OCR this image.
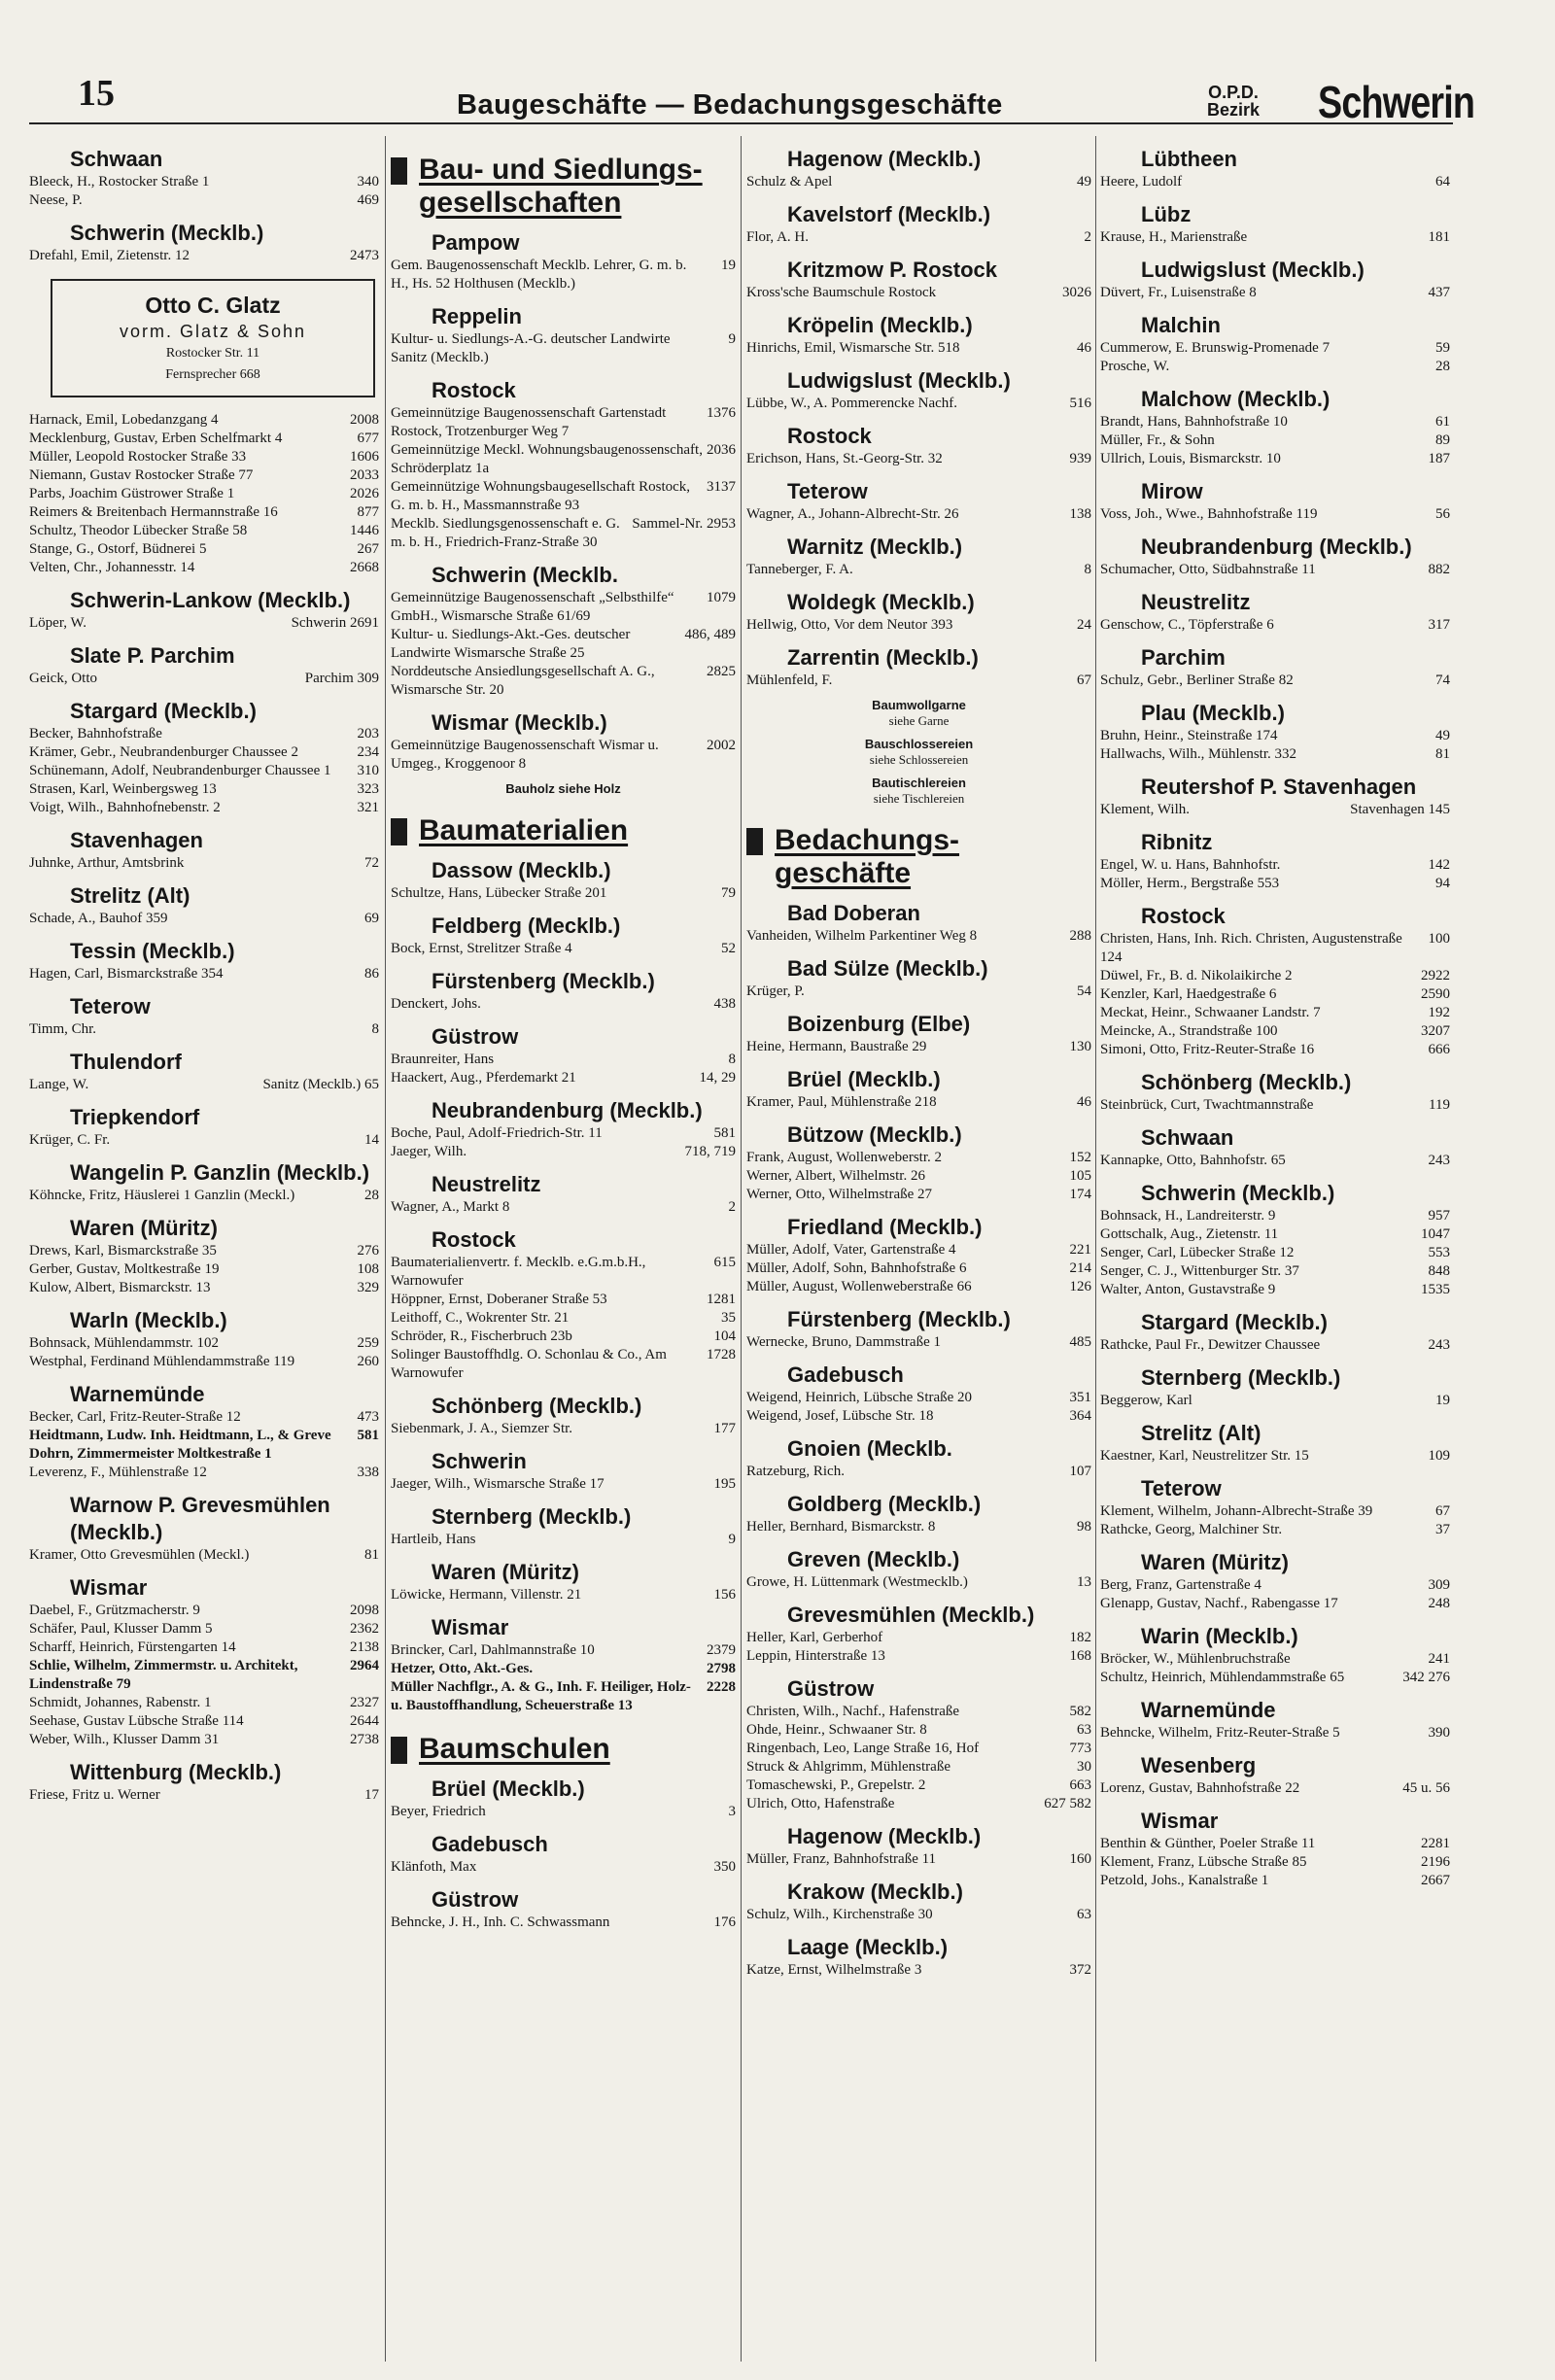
15	Baugeschäfte — Bedachungsgeschäfte	O.P.D.
Bezirk Schwerin
Schwaan
Bleeck, H., Rostocker Straße 1	340
Neese, P.	469
Schwerin (Mecklb.)
Drefahl, Emil, Zietenstr. 12	2473
Otto C. Glatz
vorm. Glatz & Sohn
Rostocker Str. 11
Fernsprecher 668
Harnack, Emil, Lobedanzgang 4	2008
Mecklenburg, Gustav, Erben Schelfmarkt 4	677
Müller, Leopold Rostocker Straße 33	1606
Niemann, Gustav Rostocker Straße 77	2033
Parbs, Joachim Güstrower Straße 1	2026
Reimers & Breitenbach Hermannstraße 16	877
Schultz, Theodor Lübecker Straße 58	1446
Stange, G., Ostorf, Büdnerei 5	267
Velten, Chr., Johannesstr. 14	2668
Schwerin-Lankow (Mecklb.)
Löper, W.	Schwerin 2691
Slate P. Parchim
Geick, Otto	Parchim 309
Stargard (Mecklb.)
Becker, Bahnhofstraße	203
Krämer, Gebr., Neubrandenburger Chaussee 2	234
Schünemann, Adolf, Neubrandenburger Chaussee 1	310
Strasen, Karl, Weinbergsweg 13	323
Voigt, Wilh., Bahnhofnebenstr. 2	321
Stavenhagen
Juhnke, Arthur, Amtsbrink	72
Strelitz (Alt)
Schade, A., Bauhof 359	69
Tessin (Mecklb.)
Hagen, Carl, Bismarckstraße 354	86
Teterow
Timm, Chr.	8
Thulendorf
Lange, W.	Sanitz (Mecklb.) 65
Triepkendorf
Krüger, C. Fr.	14
Wangelin P. Ganzlin (Mecklb.)
Köhncke, Fritz, Häuslerei 1 Ganzlin (Meckl.)	28
Waren (Müritz)
Drews, Karl, Bismarckstraße 35	276
Gerber, Gustav, Moltkestraße 19	108
Kulow, Albert, Bismarckstr. 13	329
Warln (Mecklb.)
Bohnsack, Mühlendammstr. 102	259
Westphal, Ferdinand Mühlendammstraße 119	260
Warnemünde
Becker, Carl, Fritz-Reuter-Straße 12	473
Heidtmann, Ludw. Inh. Heidtmann, L., & Greve Dohrn, Zimmermeister Moltkestraße 1
581
Leverenz, F., Mühlenstraße 12	338
Warnow P. Grevesmühlen (Mecklb.)
Kramer, Otto Grevesmühlen (Meckl.)	81
Wismar
Daebel, F., Grützmacherstr. 9	2098
Schäfer, Paul, Klusser Damm 5	2362
Scharff, Heinrich, Fürstengarten 14	2138
Schlie, Wilhelm, Zimmermstr. u. Architekt, Lindenstraße 79
2964
Schmidt, Johannes, Rabenstr. 1	2327
Seehase, Gustav Lübsche Straße 114	2644
Weber, Wilh., Klusser Damm 31	2738
Wittenburg (Mecklb.)
Friese, Fritz u. Werner	17
Bau- und Siedlungs-gesellschaften
Pampow
Gem. Baugenossenschaft Mecklb. Lehrer, G. m. b. H., Hs. 52 Holthusen (Mecklb.)
19
Reppelin
Kultur- u. Siedlungs-A.-G. deutscher Landwirte Sanitz (Mecklb.)
9
Rostock
Gemeinnützige Baugenossenschaft Gartenstadt Rostock, Trotzenburger Weg 7
1376
Gemeinnützige Meckl. Wohnungsbaugenossenschaft, Schröderplatz 1a
2036
Gemeinnützige Wohnungsbaugesellschaft Rostock, G. m. b. H., Massmannstraße 93
3137
Mecklb. Siedlungsgenossenschaft e. G. m. b. H., Friedrich-Franz-Straße 30
Sammel-Nr. 2953
Schwerin (Mecklb.
Gemeinnützige Baugenossenschaft „Selbsthilfe“ GmbH., Wismarsche Straße 61/69
1079
Kultur- u. Siedlungs-Akt.-Ges. deutscher Landwirte Wismarsche Straße 25
486, 489
Norddeutsche Ansiedlungsgesellschaft A. G., Wismarsche Str. 20
2825
Wismar (Mecklb.)
Gemeinnützige Baugenossenschaft Wismar u. Umgeg., Kroggenoor 8
2002
Bauholz siehe Holz
Baumaterialien
Dassow (Mecklb.)
Schultze, Hans, Lübecker Straße 201	79
Feldberg (Mecklb.)
Bock, Ernst, Strelitzer Straße 4	52
Fürstenberg (Mecklb.)
Denckert, Johs.	438
Güstrow
Braunreiter, Hans	8
Haackert, Aug., Pferdemarkt 21	14, 29
Neubrandenburg (Mecklb.)
Boche, Paul, Adolf-Friedrich-Str. 11	581
Jaeger, Wilh.	718, 719
Neustrelitz
Wagner, A., Markt 8	2
Rostock
Baumaterialienvertr. f. Mecklb. e.G.m.b.H., Warnowufer
615
Höppner, Ernst, Doberaner Straße 53	1281
Leithoff, C., Wokrenter Str. 21	35
Schröder, R., Fischerbruch 23b	104
Solinger Baustoffhdlg. O. Schonlau & Co., Am Warnowufer
1728
Schönberg (Mecklb.)
Siebenmark, J. A., Siemzer Str.	177
Schwerin
Jaeger, Wilh., Wismarsche Straße 17	195
Sternberg (Mecklb.)
Hartleib, Hans	9
Waren (Müritz)
Löwicke, Hermann, Villenstr. 21	156
Wismar
Brincker, Carl, Dahlmannstraße 10	2379
Hetzer, Otto, Akt.-Ges.	2798
Müller Nachflgr., A. & G., Inh. F. Heiliger, Holz- u. Baustoffhandlung, Scheuerstraße 13
2228
Baumschulen
Brüel (Mecklb.)
Beyer, Friedrich	3
Gadebusch
Klänfoth, Max	350
Güstrow
Behncke, J. H., Inh. C. Schwassmann	176
Hagenow (Mecklb.)
Schulz & Apel	49
Kavelstorf (Mecklb.)
Flor, A. H.	2
Kritzmow P. Rostock
Kross'sche Baumschule Rostock	3026
Kröpelin (Mecklb.)
Hinrichs, Emil, Wismarsche Str. 518	46
Ludwigslust (Mecklb.)
Lübbe, W., A. Pommerencke Nachf.	516
Rostock
Erichson, Hans, St.-Georg-Str. 32	939
Teterow
Wagner, A., Johann-Albrecht-Str. 26	138
Warnitz (Mecklb.)
Tanneberger, F. A.	8
Woldegk (Mecklb.)
Hellwig, Otto, Vor dem Neutor 393	24
Zarrentin (Mecklb.)
Mühlenfeld, F.	67
Baumwollgarne
siehe Garne
Bauschlossereien
siehe Schlossereien
Bautischlereien
siehe Tischlereien
Bedachungs-geschäfte
Bad Doberan
Vanheiden, Wilhelm Parkentiner Weg 8	288
Bad Sülze (Mecklb.)
Krüger, P.	54
Boizenburg (Elbe)
Heine, Hermann, Baustraße 29	130
Brüel (Mecklb.)
Kramer, Paul, Mühlenstraße 218	46
Bützow (Mecklb.)
Frank, August, Wollenweberstr. 2	152
Werner, Albert, Wilhelmstr. 26	105
Werner, Otto, Wilhelmstraße 27	174
Friedland (Mecklb.)
Müller, Adolf, Vater, Gartenstraße 4	221
Müller, Adolf, Sohn, Bahnhofstraße 6	214
Müller, August, Wollenweberstraße 66	126
Fürstenberg (Mecklb.)
Wernecke, Bruno, Dammstraße 1	485
Gadebusch
Weigend, Heinrich, Lübsche Straße 20	351
Weigend, Josef, Lübsche Str. 18	364
Gnoien (Mecklb.
Ratzeburg, Rich.	107
Goldberg (Mecklb.)
Heller, Bernhard, Bismarckstr. 8	98
Greven (Mecklb.)
Growe, H. Lüttenmark (Westmecklb.)	13
Grevesmühlen (Mecklb.)
Heller, Karl, Gerberhof	182
Leppin, Hinterstraße 13	168
Güstrow
Christen, Wilh., Nachf., Hafenstraße	582
Ohde, Heinr., Schwaaner Str. 8	63
Ringenbach, Leo, Lange Straße 16, Hof	773
Struck & Ahlgrimm, Mühlenstraße	30
Tomaschewski, P., Grepelstr. 2	663
Ulrich, Otto, Hafenstraße	627 582
Hagenow (Mecklb.)
Müller, Franz, Bahnhofstraße 11	160
Krakow (Mecklb.)
Schulz, Wilh., Kirchenstraße 30	63
Laage (Mecklb.)
Katze, Ernst, Wilhelmstraße 3	372
Lübtheen
Heere, Ludolf	64
Lübz
Krause, H., Marienstraße	181
Ludwigslust (Mecklb.)
Düvert, Fr., Luisenstraße 8	437
Malchin
Cummerow, E. Brunswig-Promenade 7	59
Prosche, W.	28
Malchow (Mecklb.)
Brandt, Hans, Bahnhofstraße 10	61
Müller, Fr., & Sohn	89
Ullrich, Louis, Bismarckstr. 10	187
Mirow
Voss, Joh., Wwe., Bahnhofstraße 119	56
Neubrandenburg (Mecklb.)
Schumacher, Otto, Südbahnstraße 11	882
Neustrelitz
Genschow, C., Töpferstraße 6	317
Parchim
Schulz, Gebr., Berliner Straße 82	74
Plau (Mecklb.)
Bruhn, Heinr., Steinstraße 174	49
Hallwachs, Wilh., Mühlenstr. 332	81
Reutershof P. Stavenhagen
Klement, Wilh.	Stavenhagen 145
Ribnitz
Engel, W. u. Hans, Bahnhofstr.	142
Möller, Herm., Bergstraße 553	94
Rostock
Christen, Hans, Inh. Rich. Christen, Augustenstraße 124
100
Düwel, Fr., B. d. Nikolaikirche 2	2922
Kenzler, Karl, Haedgestraße 6	2590
Meckat, Heinr., Schwaaner Landstr. 7	192
Meincke, A., Strandstraße 100	3207
Simoni, Otto, Fritz-Reuter-Straße 16	666
Schönberg (Mecklb.)
Steinbrück, Curt, Twachtmannstraße	119
Schwaan
Kannapke, Otto, Bahnhofstr. 65	243
Schwerin (Mecklb.)
Bohnsack, H., Landreiterstr. 9	957
Gottschalk, Aug., Zietenstr. 11	1047
Senger, Carl, Lübecker Straße 12	553
Senger, C. J., Wittenburger Str. 37	848
Walter, Anton, Gustavstraße 9	1535
Stargard (Mecklb.)
Rathcke, Paul Fr., Dewitzer Chaussee	243
Sternberg (Mecklb.)
Beggerow, Karl	19
Strelitz (Alt)
Kaestner, Karl, Neustrelitzer Str. 15	109
Teterow
Klement, Wilhelm, Johann-Albrecht-Straße 39	67
Rathcke, Georg, Malchiner Str.	37
Waren (Müritz)
Berg, Franz, Gartenstraße 4	309
Glenapp, Gustav, Nachf., Rabengasse 17	248
Warin (Mecklb.)
Bröcker, W., Mühlenbruchstraße	241
Schultz, Heinrich, Mühlendammstraße 65	342 276
Warnemünde
Behncke, Wilhelm, Fritz-Reuter-Straße 5	390
Wesenberg
Lorenz, Gustav, Bahnhofstraße 22	45 u. 56
Wismar
Benthin & Günther, Poeler Straße 11	2281
Klement, Franz, Lübsche Straße 85	2196
Petzold, Johs., Kanalstraße 1	2667
